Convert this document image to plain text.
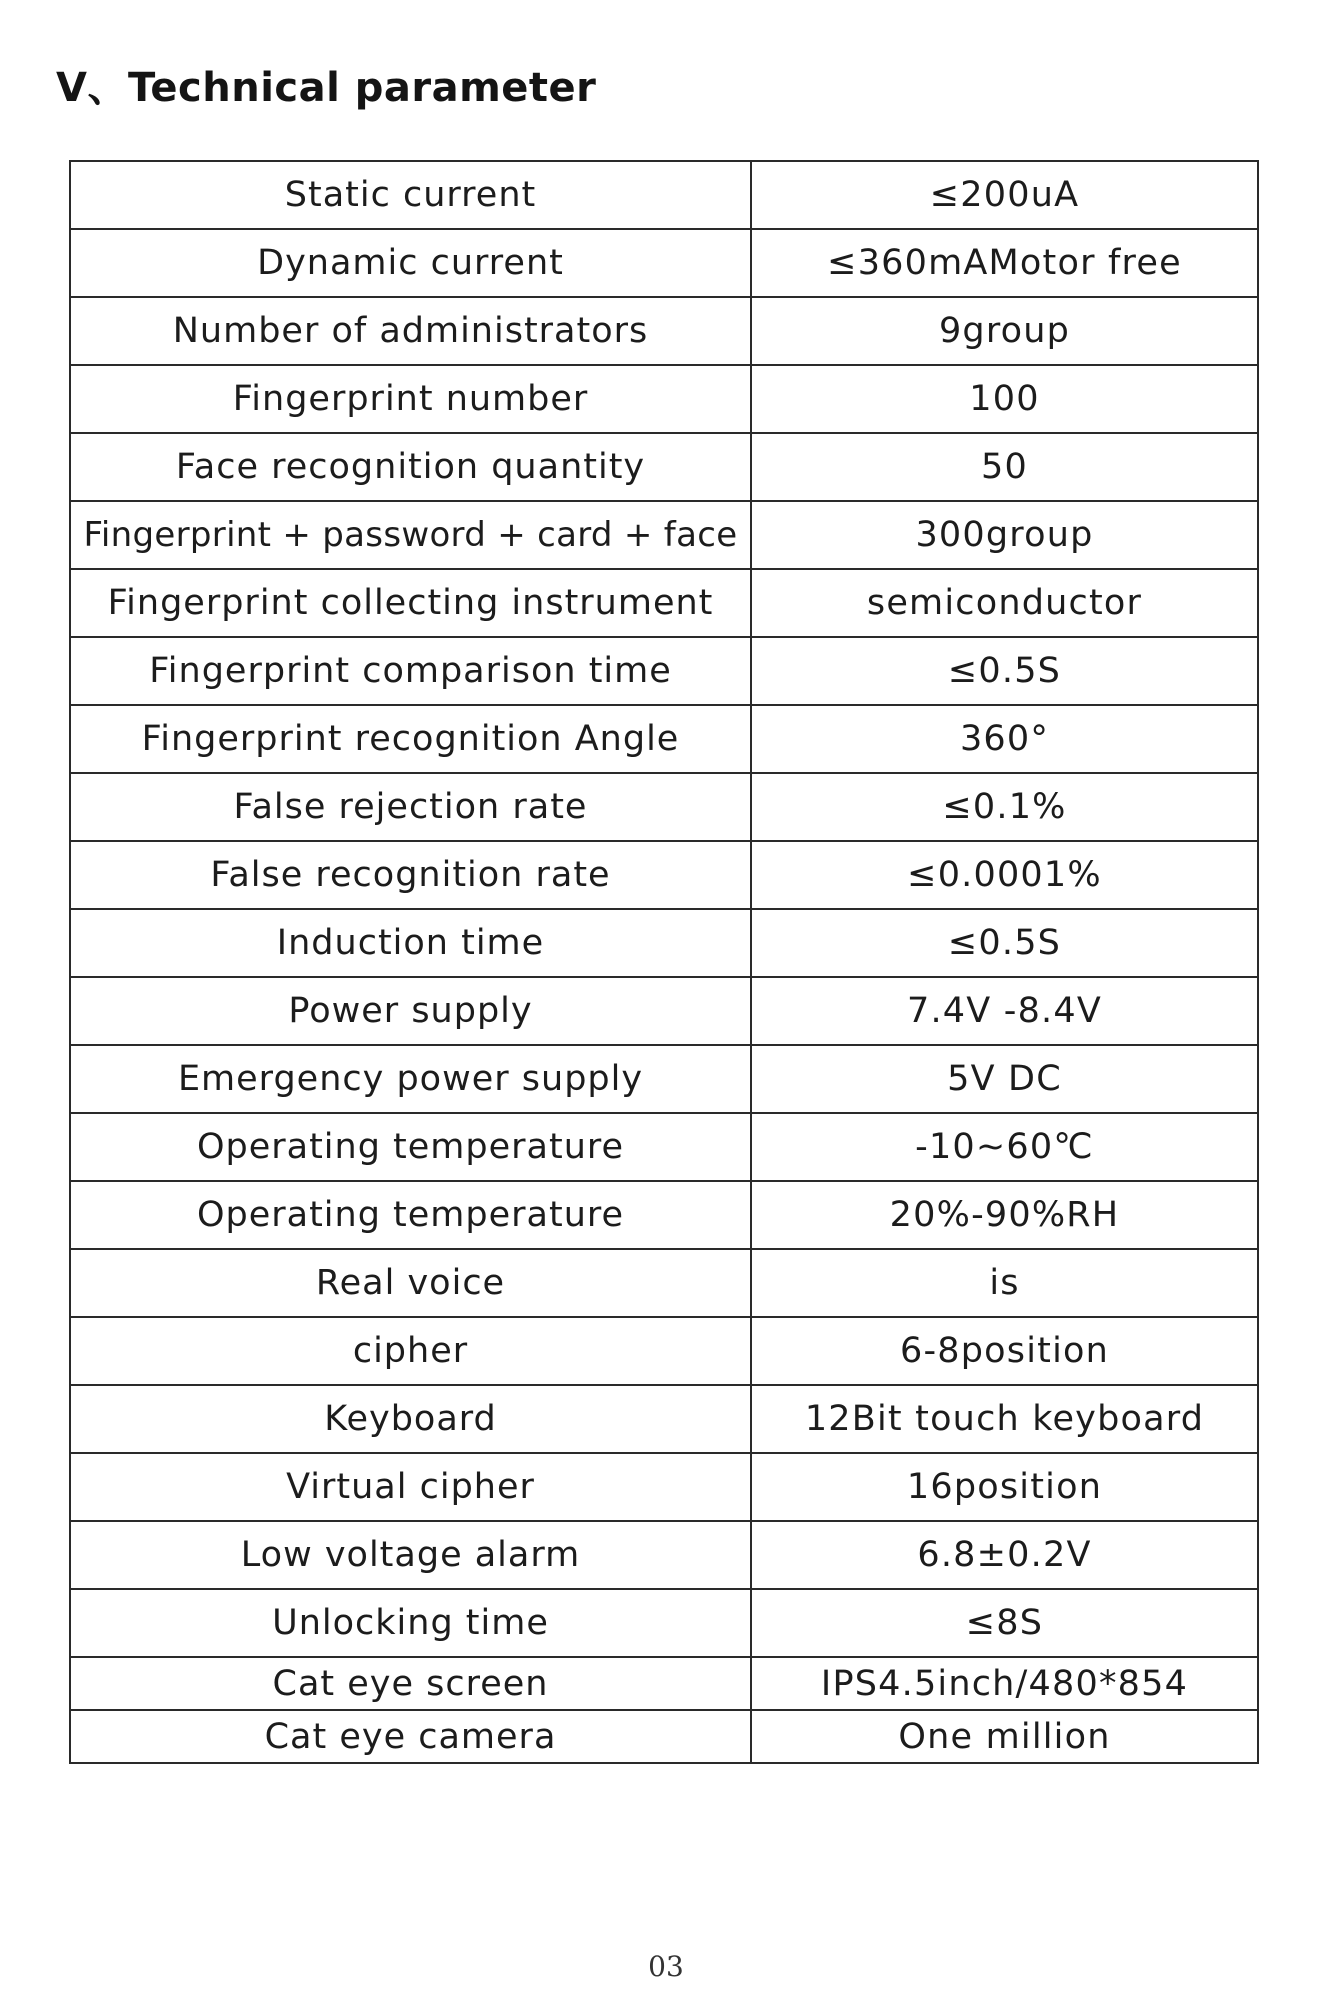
V、Technical parameter
Static current	≤200uA
Dynamic current	≤360mAMotor free
Number of administrators	9group
Fingerprint number	100
Face recognition quantity	50
Fingerprint + password + card + face	300group
Fingerprint collecting instrument	semiconductor
Fingerprint comparison time	≤0.5S
Fingerprint recognition Angle	360°
False rejection rate	≤0.1%
False recognition rate	≤0.0001%
Induction time	≤0.5S
Power supply	7.4V -8.4V
Emergency power supply	5V DC
Operating temperature	-10~60℃
Operating temperature	20%-90%RH
Real voice	is
cipher	6-8position
Keyboard	12Bit touch keyboard
Virtual cipher	16position
Low voltage alarm	6.8±0.2V
Unlocking time	≤8S
Cat eye screen	IPS4.5inch/480*854
Cat eye camera	One million
03
